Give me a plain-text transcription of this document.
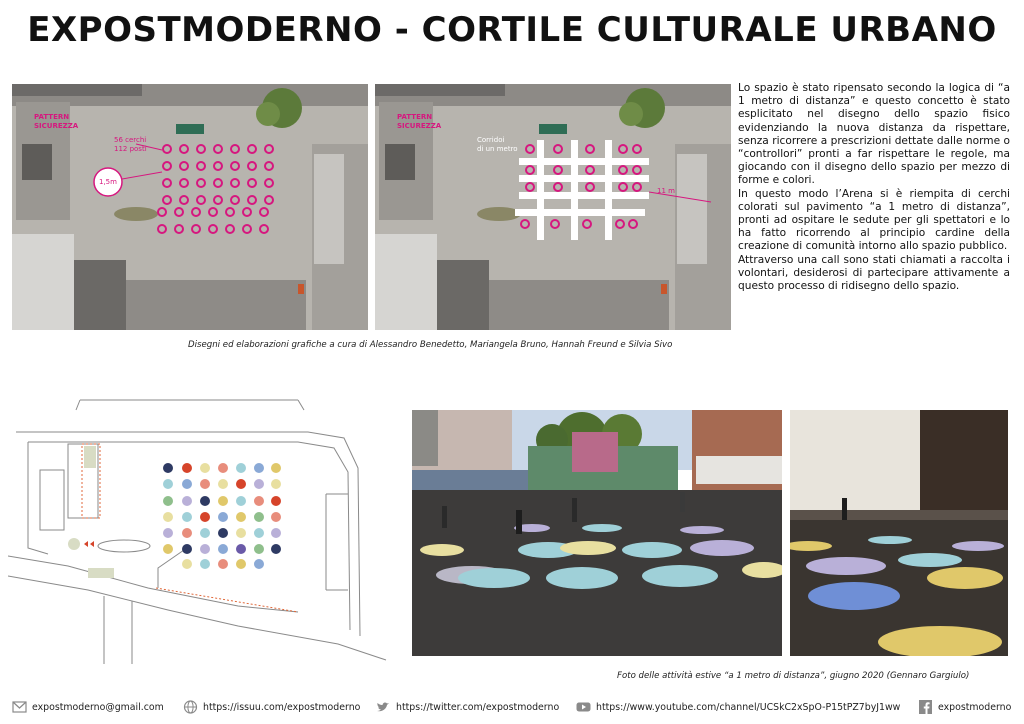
EXPOSTMODERNO - CORTILE CULTURALE URBANO
PATTERN
SICUREZZA
56 cerchi
112 posti
1,5m
PATTERN
SICUREZZA
Corridoi
di un metro
11 m

Lo spazio è stato ripensato secondo la logica di “a 1 metro di distanza” e questo concetto è stato esplicitato nel disegno dello spazio fisico evidenziando la nuova distanza da rispettare, senza ricorrere a prescrizioni dettate dalle norme o “controllori” pronti a far rispettare le regole, ma giocando con il disegno dello spazio per mezzo di forme e colori.

In questo modo l’Arena si è riempita di cerchi colorati sul pavimento “a 1 metro di distanza”, pronti ad ospitare le sedute per gli spettatori e lo ha fatto ricorrendo al principio cardine della creazione di comunità intorno allo spazio pubblico.

Attraverso una call sono stati chiamati a raccolta i volontari, desiderosi di partecipare attivamente a questo processo di ridisegno dello spazio.

Disegni ed elaborazioni grafiche a cura di Alessandro Benedetto, Mariangela Bruno, Hannah Freund e Silvia Sivo
Foto delle attività estive “a 1 metro di distanza”, giugno 2020 (Gennaro Gargiulo)
expostmoderno@gmail.com	https://issuu.com/expostmoderno	https://twitter.com/expostmoderno	https://www.youtube.com/channel/UCSkC2xSpO-P15tPZ7byJ1ww	expostmoderno
